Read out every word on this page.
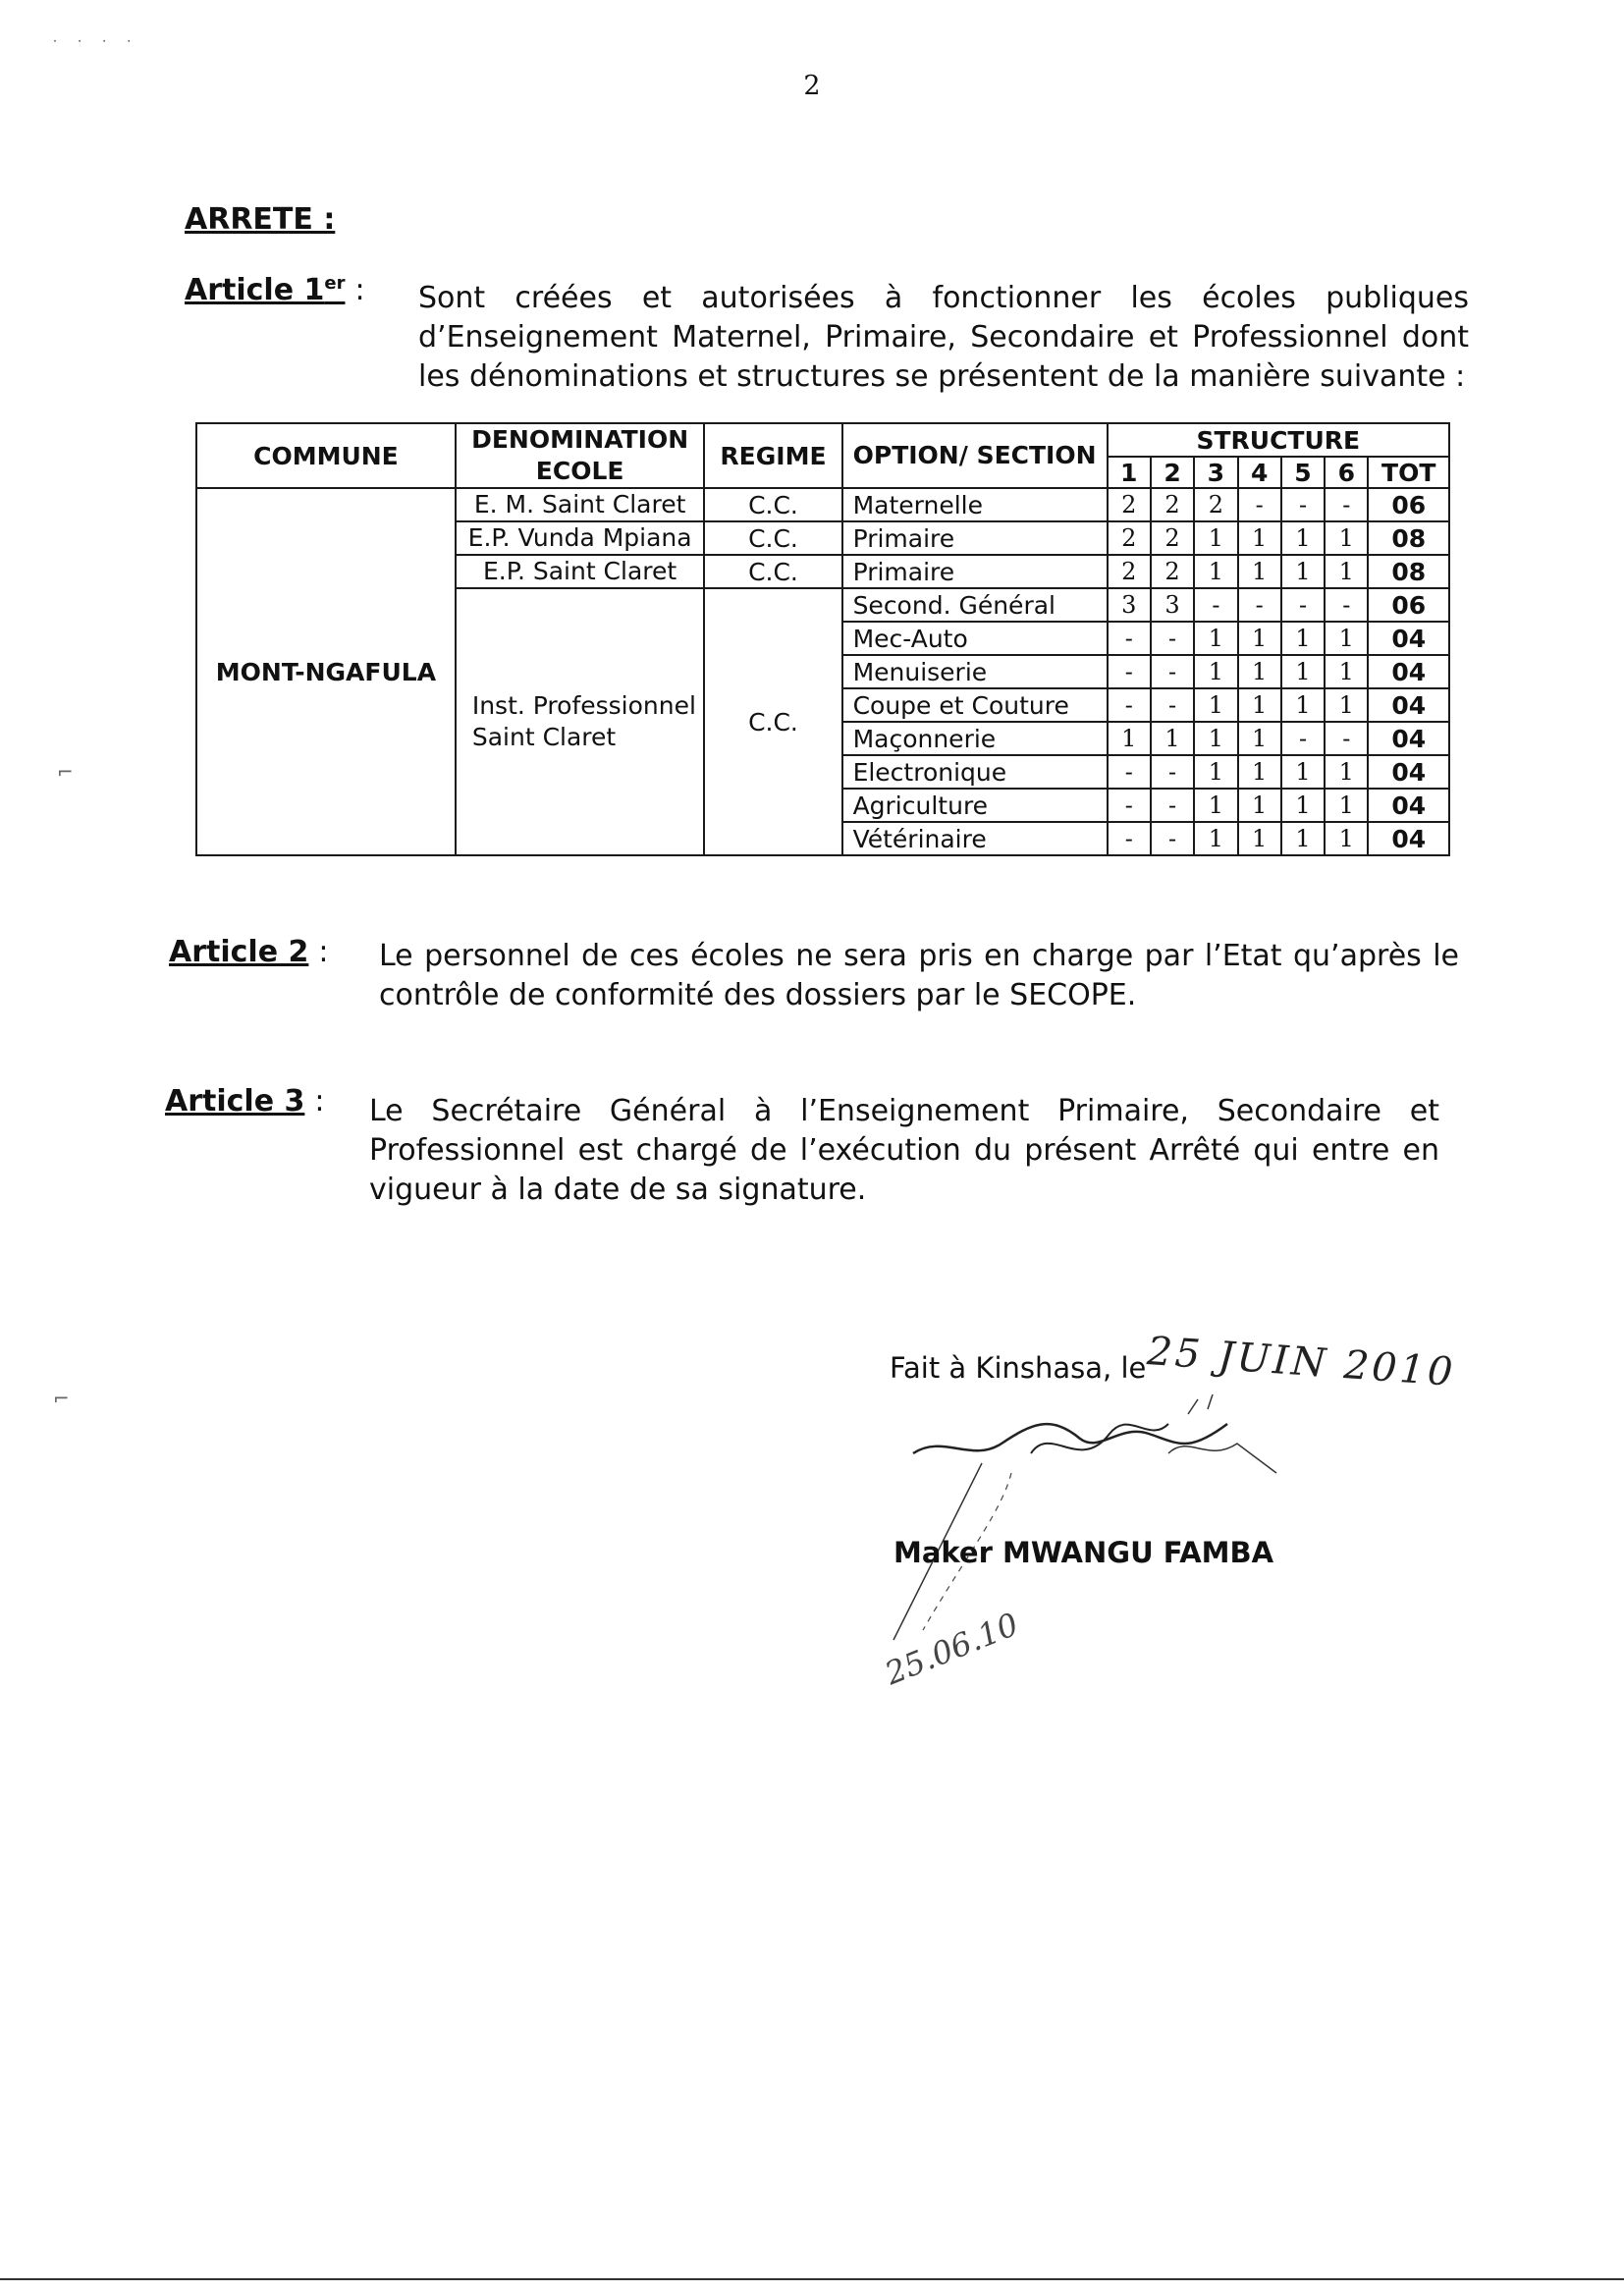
˙ ˙ ˙ ˙
2
ARRETE :
Article 1er : Sont créées et autorisées à fonctionner les écoles publiques d’Enseignement Maternel, Primaire, Secondaire et Professionnel dont les dénominations et structures se présentent de la manière suivante :
COMMUNE	DENOMINATION ECOLE	REGIME	OPTION/ SECTION	STRUCTURE						
				1	2	3	4	5	6	TOT
MONT-NGAFULA	E. M. Saint Claret	C.C.	Maternelle	2	2	2	-	-	-	06
	E.P. Vunda Mpiana	C.C.	Primaire	2	2	1	1	1	1	08
	E.P. Saint Claret	C.C.	Primaire	2	2	1	1	1	1	08
	Inst. Professionnel Saint Claret	C.C.	Second. Général	3	3	-	-	-	-	06
			Mec-Auto	-	-	1	1	1	1	04
			Menuiserie	-	-	1	1	1	1	04
			Coupe et Couture	-	-	1	1	1	1	04
			Maçonnerie	1	1	1	1	-	-	04
			Electronique	-	-	1	1	1	1	04
			Agriculture	-	-	1	1	1	1	04
			Vétérinaire	-	-	1	1	1	1	04
Article 2 : Le personnel de ces écoles ne sera pris en charge par l’Etat qu’après le contrôle de conformité des dossiers par le SECOPE.
Article 3 : Le Secrétaire Général à l’Enseignement Primaire, Secondaire et Professionnel est chargé de l’exécution du présent Arrêté qui entre en vigueur à la date de sa signature.
Fait à Kinshasa, le 25 JUIN 2010
Maker MWANGU FAMBA
25.06.10
⌐
⌐
